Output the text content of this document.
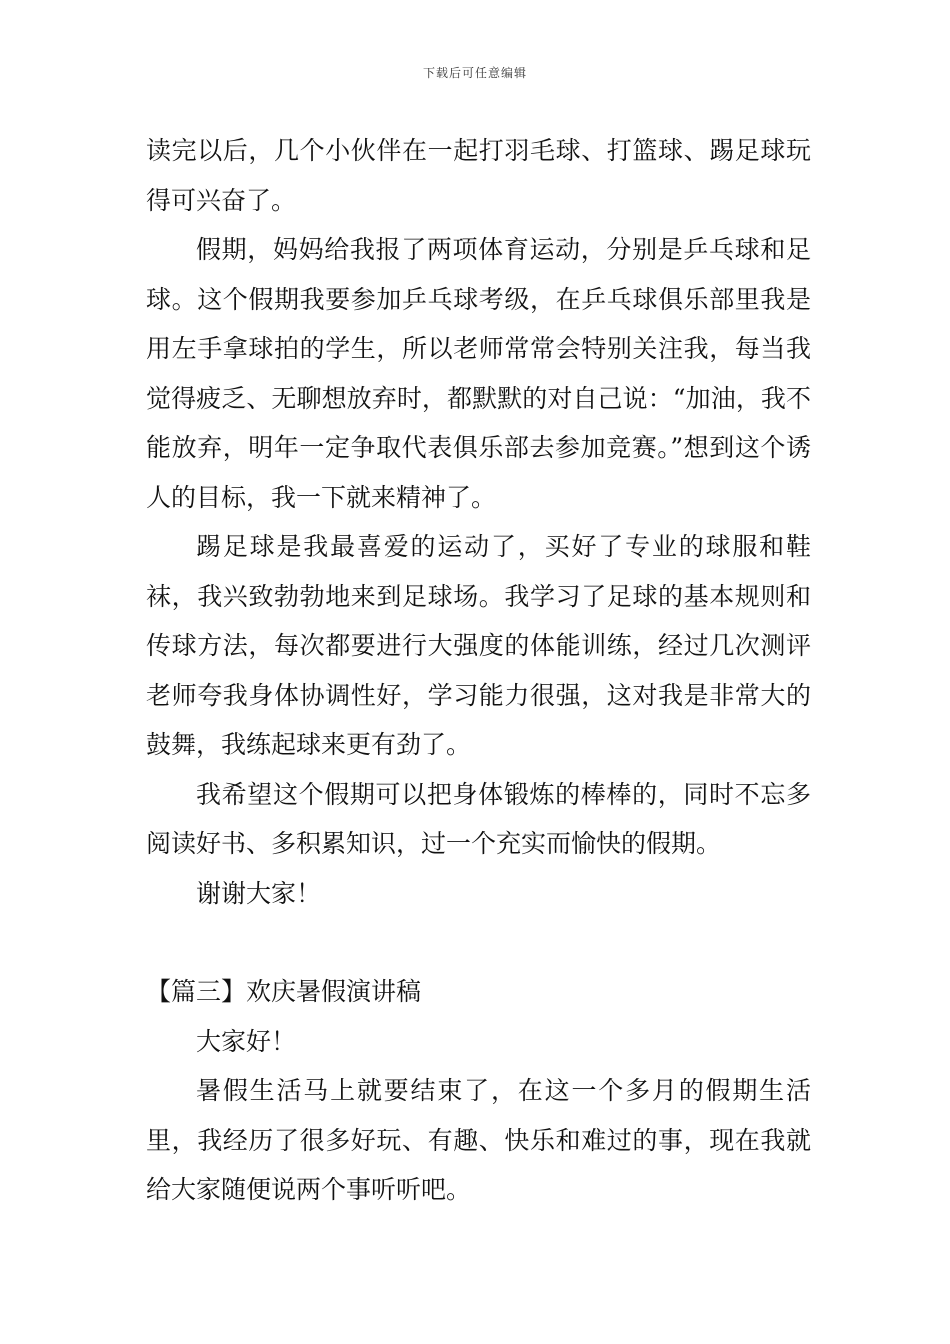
下载后可任意编辑

读完以后，几个小伙伴在一起打羽毛球、打篮球、踢足球玩得可兴奋了。

假期，妈妈给我报了两项体育运动，分别是乒乓球和足球。这个假期我要参加乒乓球考级，在乒乓球俱乐部里我是用左手拿球拍的学生，所以老师常常会特别关注我，每当我觉得疲乏、无聊想放弃时，都默默的对自己说：“加油，我不能放弃，明年一定争取代表俱乐部去参加竞赛。”想到这个诱人的目标，我一下就来精神了。

踢足球是我最喜爱的运动了，买好了专业的球服和鞋袜，我兴致勃勃地来到足球场。我学习了足球的基本规则和传球方法，每次都要进行大强度的体能训练，经过几次测评老师夸我身体协调性好，学习能力很强，这对我是非常大的鼓舞，我练起球来更有劲了。

我希望这个假期可以把身体锻炼的棒棒的，同时不忘多阅读好书、多积累知识，过一个充实而愉快的假期。

谢谢大家！

【篇三】欢庆暑假演讲稿

大家好！

暑假生活马上就要结束了，在这一个多月的假期生活里，我经历了很多好玩、有趣、快乐和难过的事，现在我就给大家随便说两个事听听吧。
